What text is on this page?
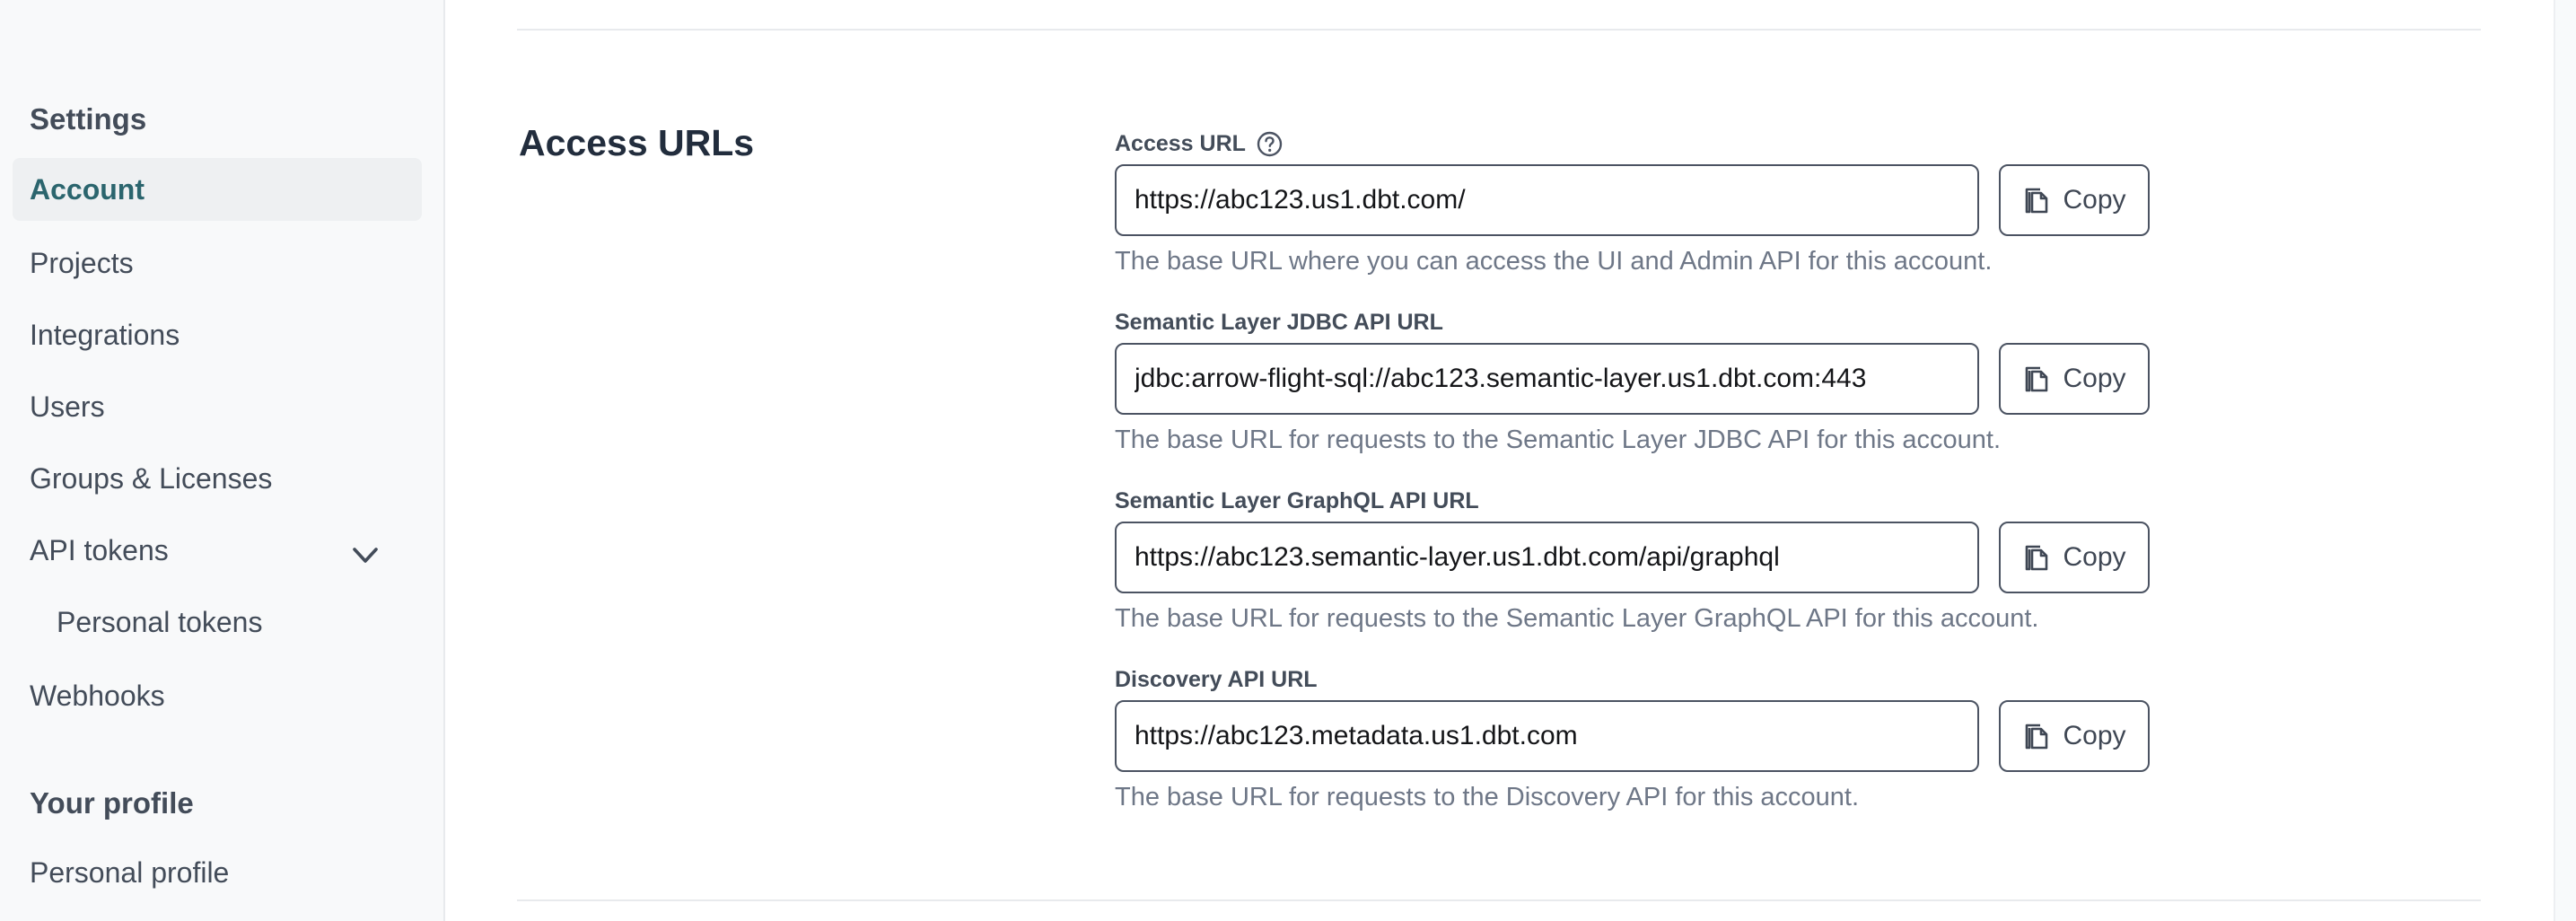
Settings
Account
Projects
Integrations
Users
Groups & Licenses
API tokens
Personal tokens
Webhooks
Your profile
Personal profile
Access URLs	Access URL
https://abc123.us1.dbt.com/
Copy
The base URL where you can access the UI and Admin API for this account.
Semantic Layer JDBC API URL
jdbc:arrow-flight-sql://abc123.semantic-layer.us1.dbt.com:443
Copy
The base URL for requests to the Semantic Layer JDBC API for this account.
Semantic Layer GraphQL API URL
https://abc123.semantic-layer.us1.dbt.com/api/graphql
Copy
The base URL for requests to the Semantic Layer GraphQL API for this account.
Discovery API URL
https://abc123.metadata.us1.dbt.com
Copy
The base URL for requests to the Discovery API for this account.
